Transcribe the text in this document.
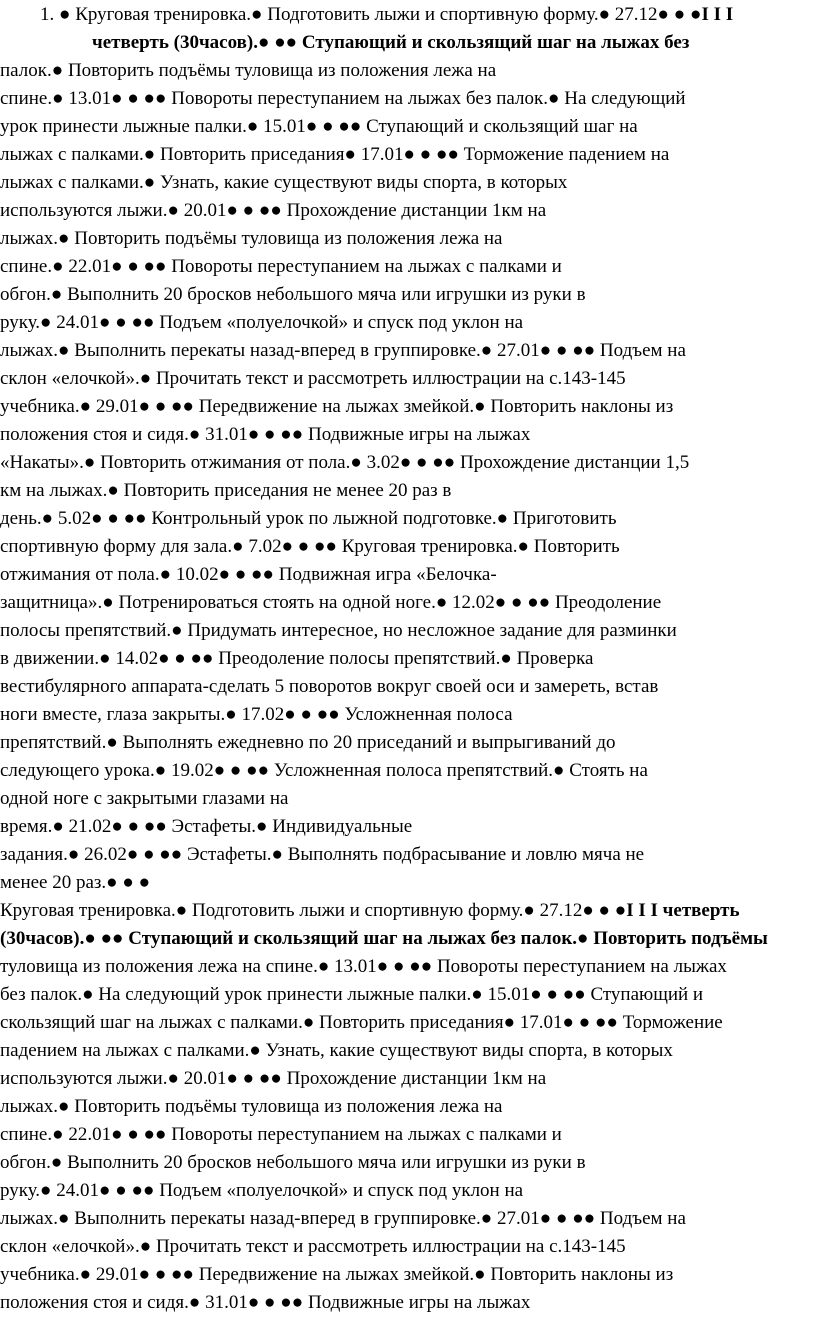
1. ● Круговая тренировка.● Подготовить лыжи и спортивную форму.● 27.12● ● ●I I I
четверть (30часов).● ●● Ступающий и скользящий шаг на лыжах без
палок.● Повторить подъёмы туловища из положения лежа на
спине.● 13.01● ● ●● Повороты переступанием на лыжах без палок.● На следующий
урок принести лыжные палки.● 15.01● ● ●● Ступающий и скользящий шаг на
лыжах с палками.● Повторить приседания● 17.01● ● ●● Торможение падением на
лыжах с палками.● Узнать, какие существуют виды спорта, в которых
используются лыжи.● 20.01● ● ●● Прохождение дистанции 1км на
лыжах.● Повторить подъёмы туловища из положения лежа на
спине.● 22.01● ● ●● Повороты переступанием на лыжах с палками и
обгон.● Выполнить 20 бросков небольшого мяча или игрушки из руки в
руку.● 24.01● ● ●● Подъем «полуелочкой» и спуск под уклон на
лыжах.● Выполнить перекаты назад-вперед в группировке.● 27.01● ● ●● Подъем на
склон «елочкой».● Прочитать текст и рассмотреть иллюстрации на с.143-145
учебника.● 29.01● ● ●● Передвижение на лыжах змейкой.● Повторить наклоны из
положения стоя и сидя.● 31.01● ● ●● Подвижные игры на лыжах
«Накаты».● Повторить отжимания от пола.● 3.02● ● ●● Прохождение дистанции 1,5
км на лыжах.● Повторить приседания не менее 20 раз в
день.● 5.02● ● ●● Контрольный урок по лыжной подготовке.● Приготовить
спортивную форму для зала.● 7.02● ● ●● Круговая тренировка.● Повторить
отжимания от пола.● 10.02● ● ●● Подвижная игра «Белочка-
защитница».● Потренироваться стоять на одной ноге.● 12.02● ● ●● Преодоление
полосы препятствий.● Придумать интересное, но несложное задание для разминки
в движении.● 14.02● ● ●● Преодоление полосы препятствий.● Проверка
вестибулярного аппарата-сделать 5 поворотов вокруг своей оси и замереть, встав
ноги вместе, глаза закрыты.● 17.02● ● ●● Усложненная полоса
препятствий.● Выполнять ежедневно по 20 приседаний и выпрыгиваний до
следующего урока.● 19.02● ● ●● Усложненная полоса препятствий.● Стоять на
одной ноге с закрытыми глазами на
время.● 21.02● ● ●● Эстафеты.● Индивидуальные
задания.● 26.02● ● ●● Эстафеты.● Выполнять подбрасывание и ловлю мяча не
менее 20 раз.● ● ●
Круговая тренировка.● Подготовить лыжи и спортивную форму.● 27.12● ● ●I I I четверть
(30часов).● ●● Ступающий и скользящий шаг на лыжах без палок.● Повторить подъёмы
туловища из положения лежа на спине.● 13.01● ● ●● Повороты переступанием на лыжах
без палок.● На следующий урок принести лыжные палки.● 15.01● ● ●● Ступающий и
скользящий шаг на лыжах с палками.● Повторить приседания● 17.01● ● ●● Торможение
падением на лыжах с палками.● Узнать, какие существуют виды спорта, в которых
используются лыжи.● 20.01● ● ●● Прохождение дистанции 1км на
лыжах.● Повторить подъёмы туловища из положения лежа на
спине.● 22.01● ● ●● Повороты переступанием на лыжах с палками и
обгон.● Выполнить 20 бросков небольшого мяча или игрушки из руки в
руку.● 24.01● ● ●● Подъем «полуелочкой» и спуск под уклон на
лыжах.● Выполнить перекаты назад-вперед в группировке.● 27.01● ● ●● Подъем на
склон «елочкой».● Прочитать текст и рассмотреть иллюстрации на с.143-145
учебника.● 29.01● ● ●● Передвижение на лыжах змейкой.● Повторить наклоны из
положения стоя и сидя.● 31.01● ● ●● Подвижные игры на лыжах
